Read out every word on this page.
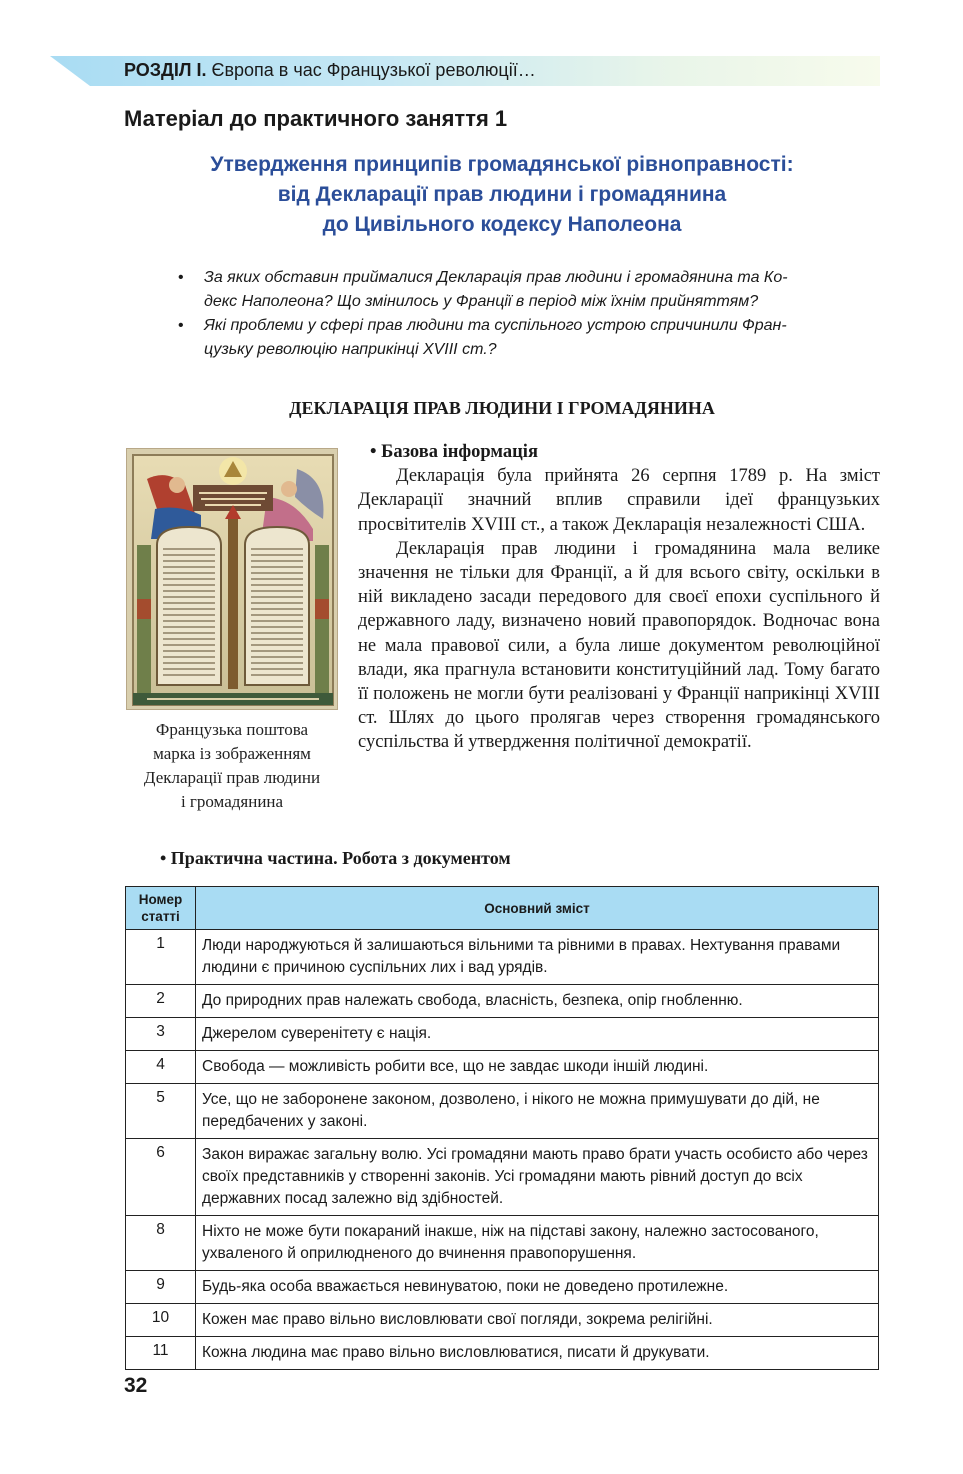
РОЗДІЛ І. Європа в час Французької революції…
Матеріал до практичного заняття 1
Утвердження принципів громадянської рівноправності:
від Декларації прав людини і громадянина
до Цивільного кодексу Наполеона
• За яких обставин приймалися Декларація прав людини і громадянина та Ко-
декс Наполеона? Що змінилось у Франції в період між їхнім прийняттям?
• Які проблеми у сфері прав людини та суспільного устрою спричинили Фран-
цузьку революцію наприкінці XVIII ст.?
ДЕКЛАРАЦІЯ ПРАВ ЛЮДИНИ І ГРОМАДЯНИНА
Французька поштова
марка із зображенням
Декларації прав людини
і громадянина
• Базова інформація

Декларація була прийнята 26 серпня 1789 р. На зміст Декларації значний вплив справили ідеї французьких просвітителів XVIII ст., а також Декларація незалежності США.

Декларація прав людини і громадянина мала велике значення не тільки для Франції, а й для всього світу, оскільки в ній викладено засади передового для своєї епохи суспільного й державного ладу, визначено новий правопорядок. Водночас вона не мала правової сили, а була лише документом революційної влади, яка прагнула встановити конституційний лад. Тому багато її положень не могли бути реалізовані у Франції наприкінці XVIII ст. Шлях до цього пролягав через створення громадянського суспільства й утвердження політичної демократії.

• Практична частина. Робота з документом
Номер
статті	Основний зміст
1	Люди народжуються й залишаються вільними та рівними в правах. Нехтування правами людини є причиною суспільних лих і вад урядів.
2	До природних прав належать свобода, власність, безпека, опір гнобленню.
3	Джерелом суверенітету є нація.
4	Свобода — можливість робити все, що не завдає шкоди іншій людині.
5	Усе, що не заборонене законом, дозволено, і нікого не можна примушувати до дій, не передбачених у законі.
6	Закон виражає загальну волю. Усі громадяни мають право брати участь особисто або через своїх представників у створенні законів. Усі громадяни мають рівний доступ до всіх державних посад залежно від здібностей.
8	Ніхто не може бути покараний інакше, ніж на підставі закону, належно застосованого, ухваленого й оприлюдненого до вчинення правопорушення.
9	Будь-яка особа вважається невинуватою, поки не доведено протилежне.
10	Кожен має право вільно висловлювати свої погляди, зокрема релігійні.
11	Кожна людина має право вільно висловлюватися, писати й друкувати.
32
